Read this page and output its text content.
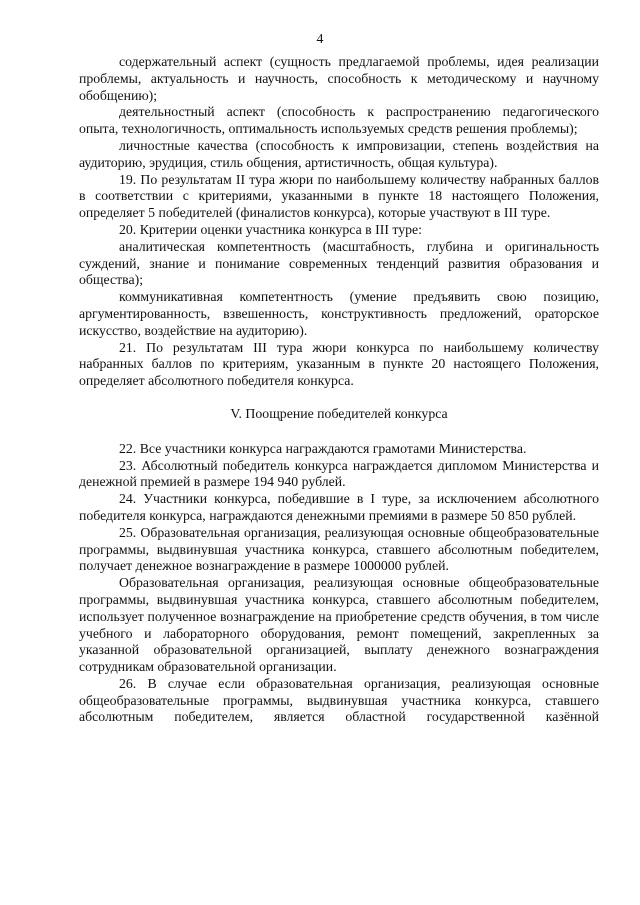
4

содержательный аспект (сущность предлагаемой проблемы, идея реализации проблемы, актуальность и научность, способность к методическому и научному обобщению);

деятельностный аспект (способность к распространению педагогического опыта, технологичность, оптимальность используемых средств решения проблемы);

личностные качества (способность к импровизации, степень воздействия на аудиторию, эрудиция, стиль общения, артистичность, общая культура).

19. По результатам II тура жюри по наибольшему количеству набранных баллов в соответствии с критериями, указанными в пункте 18 настоящего Положения, определяет 5 победителей (финалистов конкурса), которые участвуют в III туре.

20. Критерии оценки участника конкурса в III туре:

аналитическая компетентность (масштабность, глубина и оригинальность суждений, знание и понимание современных тенденций развития образования и общества);

коммуникативная компетентность (умение предъявить свою позицию, аргументированность, взвешенность, конструктивность предложений, ораторское искусство, воздействие на аудиторию).

21. По результатам III тура жюри конкурса по наибольшему количеству набранных баллов по критериям, указанным в пункте 20 настоящего Положения, определяет абсолютного победителя конкурса.

V. Поощрение победителей конкурса

22. Все участники конкурса награждаются грамотами Министерства.

23. Абсолютный победитель конкурса награждается дипломом Министерства и денежной премией в размере 194 940 рублей.

24. Участники конкурса, победившие в I туре, за исключением абсолютного победителя конкурса, награждаются денежными премиями в размере 50 850 рублей.

25. Образовательная организация, реализующая основные общеобразовательные программы, выдвинувшая участника конкурса, ставшего абсолютным победителем, получает денежное вознаграждение в размере 1000000 рублей.

Образовательная организация, реализующая основные общеобразовательные программы, выдвинувшая участника конкурса, ставшего абсолютным победителем, использует полученное вознаграждение на приобретение средств обучения, в том числе учебного и лабораторного оборудования, ремонт помещений, закрепленных за указанной образовательной организацией, выплату денежного вознаграждения сотрудникам образовательной организации.

26. В случае если образовательная организация, реализующая основные общеобразовательные программы, выдвинувшая участника конкурса, ставшего абсолютным победителем, является областной государственной казённой
